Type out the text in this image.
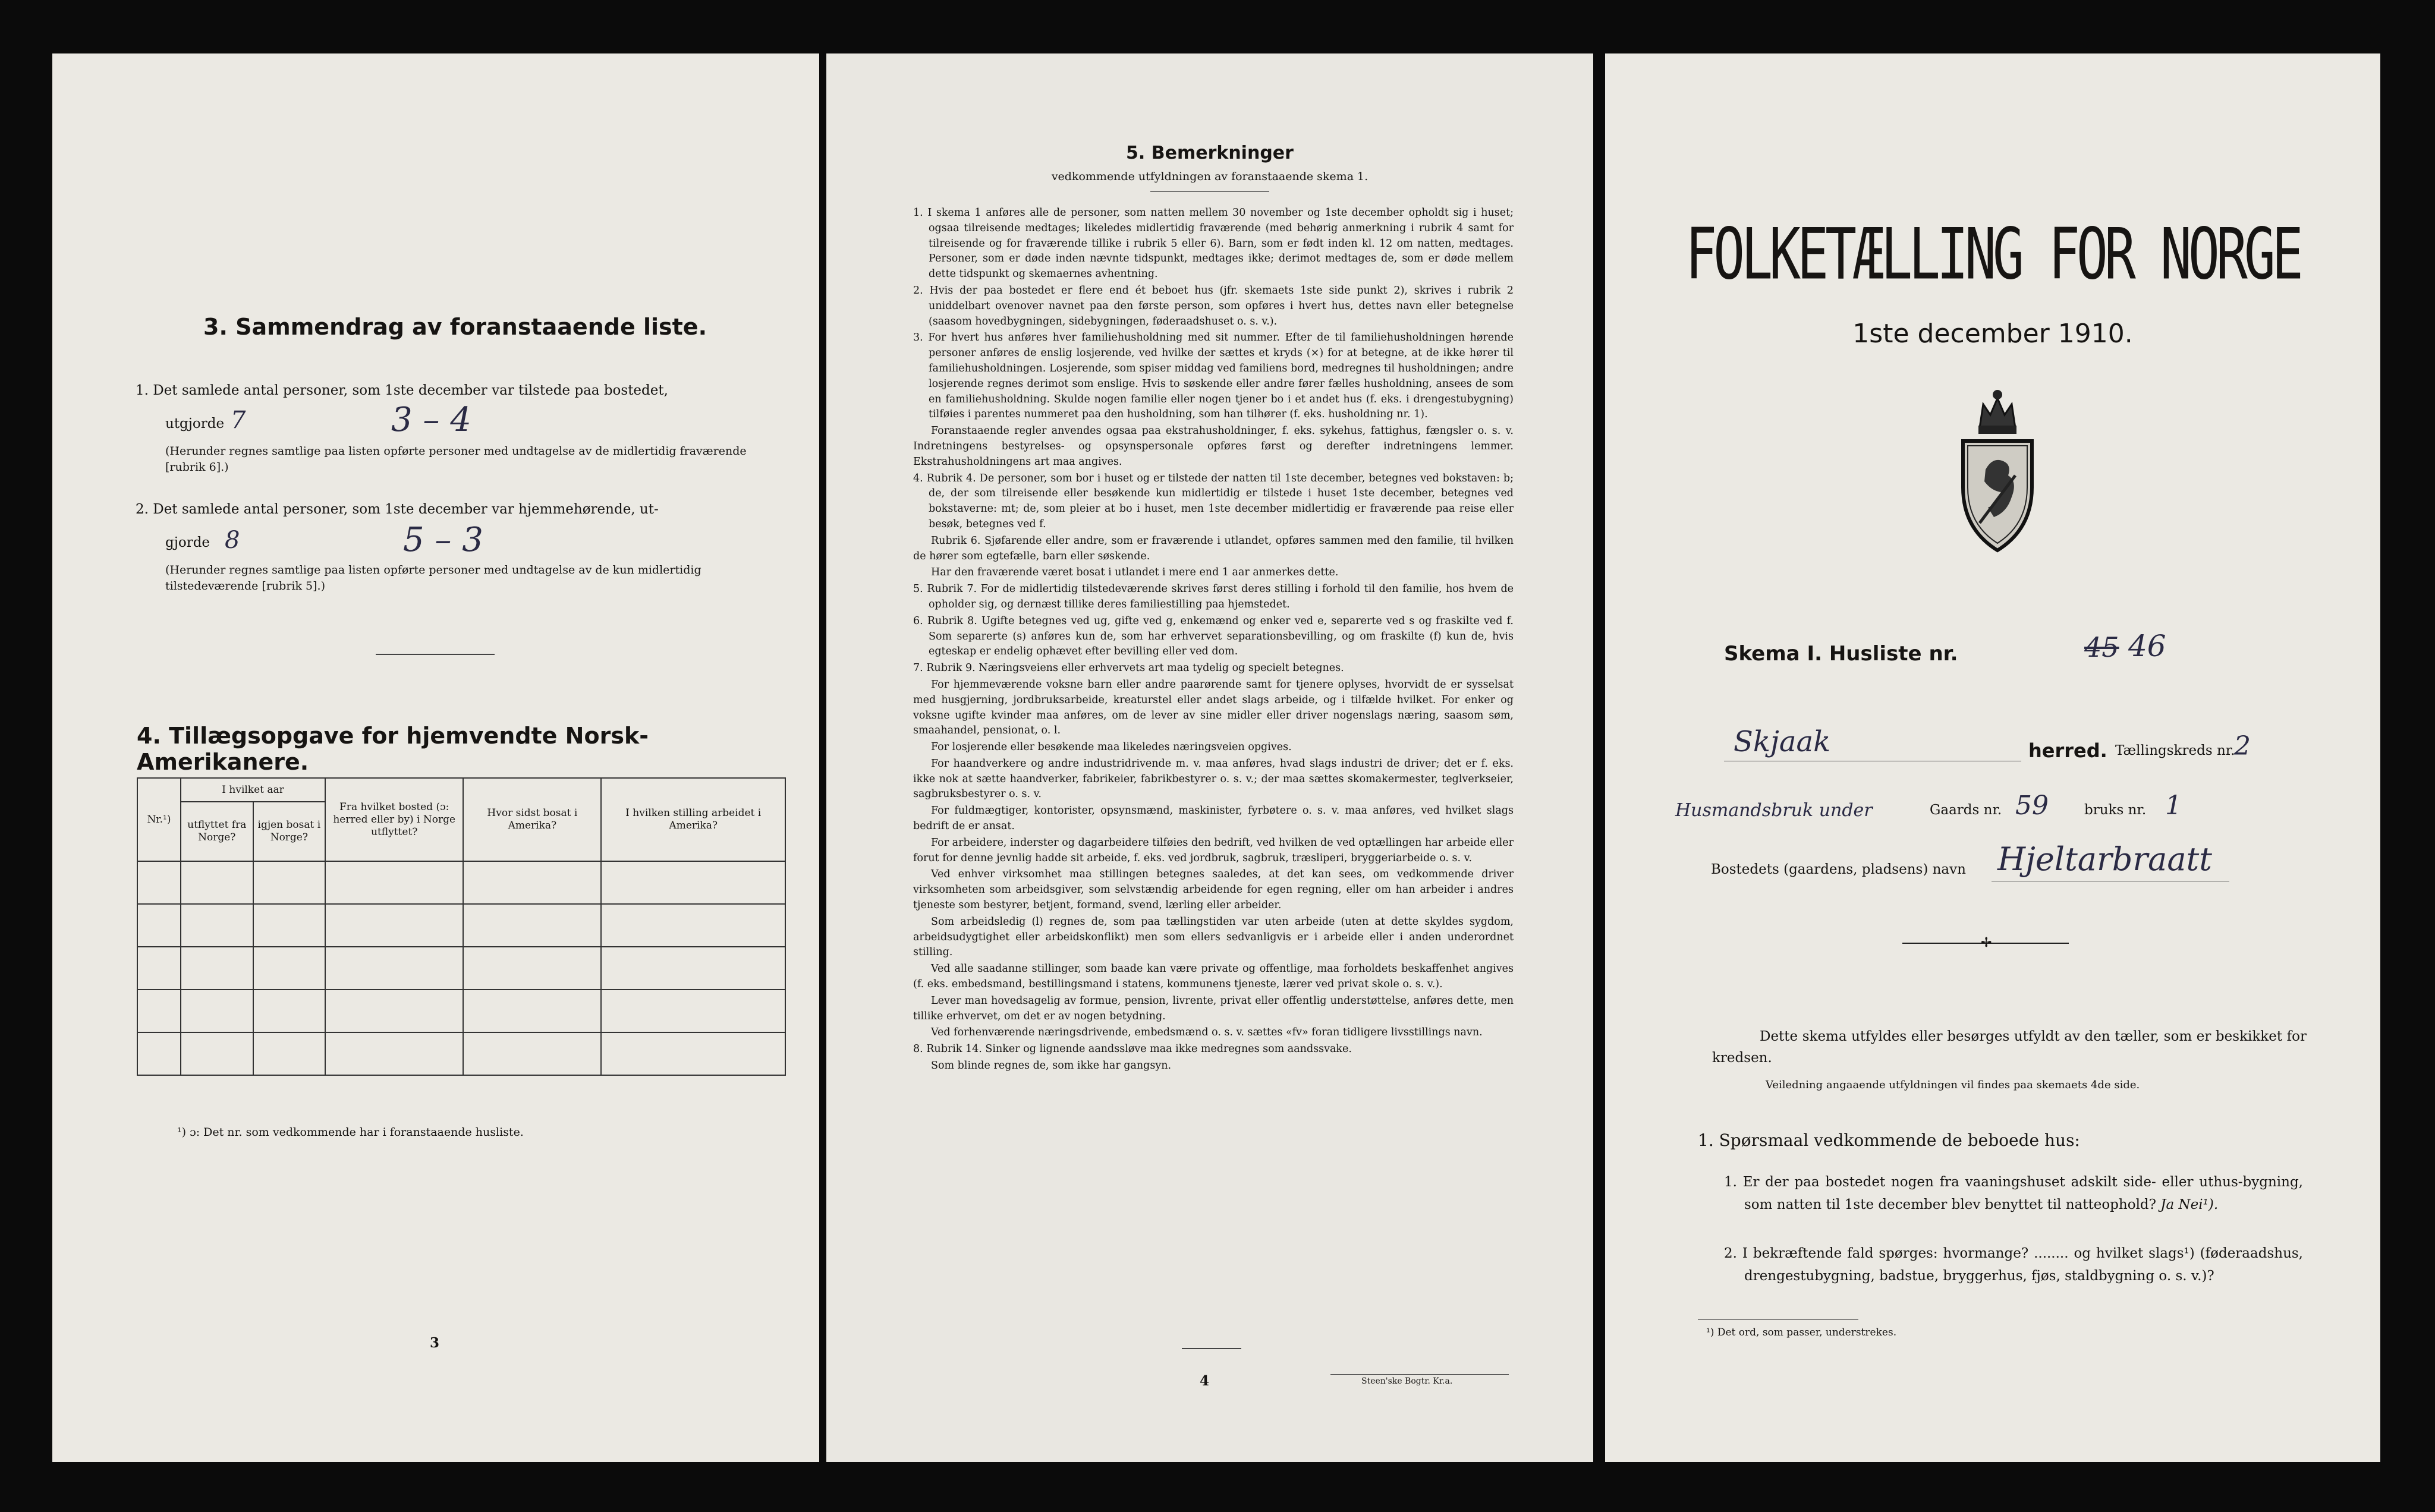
3. Sammendrag av foranstaaende liste.
1. Det samlede antal personer, som 1ste december var tilstede paa bostedet,
utgjorde 7	3 – 4
(Herunder regnes samtlige paa listen opførte personer med undtagelse av de midlertidig fraværende [rubrik 6].)
2. Det samlede antal personer, som 1ste december var hjemmehørende, ut-
gjorde 8	5 – 3
(Herunder regnes samtlige paa listen opførte personer med undtagelse av de kun midlertidig tilstedeværende [rubrik 5].)
4. Tillægsopgave for hjemvendte Norsk-Amerikanere.
Nr.¹)	I hvilket aar		Fra hvilket bosted (ɔ: herred eller by) i Norge utflyttet?	Hvor sidst bosat i Amerika?	I hvilken stilling arbeidet i Amerika?
	utflyttet fra Norge?	igjen bosat i Norge?			

¹) ɔ: Det nr. som vedkommende har i foranstaaende husliste.
3
5. Bemerkninger
vedkommende utfyldningen av foranstaaende skema 1.

1. I skema 1 anføres alle de personer, som natten mellem 30 november og 1ste december opholdt sig i huset; ogsaa tilreisende medtages; likeledes midlertidig fraværende (med behørig anmerkning i rubrik 4 samt for tilreisende og for fraværende tillike i rubrik 5 eller 6). Barn, som er født inden kl. 12 om natten, medtages. Personer, som er døde inden nævnte tidspunkt, medtages ikke; derimot medtages de, som er døde mellem dette tidspunkt og skemaernes avhentning.

2. Hvis der paa bostedet er flere end ét beboet hus (jfr. skemaets 1ste side punkt 2), skrives i rubrik 2 uniddelbart ovenover navnet paa den første person, som opføres i hvert hus, dettes navn eller betegnelse (saasom hovedbygningen, sidebygningen, føderaadshuset o. s. v.).

3. For hvert hus anføres hver familiehusholdning med sit nummer. Efter de til familiehusholdningen hørende personer anføres de enslig losjerende, ved hvilke der sættes et kryds (×) for at betegne, at de ikke hører til familiehusholdningen. Losjerende, som spiser middag ved familiens bord, medregnes til husholdningen; andre losjerende regnes derimot som enslige. Hvis to søskende eller andre fører fælles husholdning, ansees de som en familiehusholdning. Skulde nogen familie eller nogen tjener bo i et andet hus (f. eks. i drengestubygning) tilføies i parentes nummeret paa den husholdning, som han tilhører (f. eks. husholdning nr. 1).

Foranstaaende regler anvendes ogsaa paa ekstrahusholdninger, f. eks. sykehus, fattighus, fængsler o. s. v. Indretningens bestyrelses- og opsynspersonale opføres først og derefter indretningens lemmer. Ekstrahusholdningens art maa angives.

4. Rubrik 4. De personer, som bor i huset og er tilstede der natten til 1ste december, betegnes ved bokstaven: b; de, der som tilreisende eller besøkende kun midlertidig er tilstede i huset 1ste december, betegnes ved bokstaverne: mt; de, som pleier at bo i huset, men 1ste december midlertidig er fraværende paa reise eller besøk, betegnes ved f.

Rubrik 6. Sjøfarende eller andre, som er fraværende i utlandet, opføres sammen med den familie, til hvilken de hører som egtefælle, barn eller søskende.

Har den fraværende været bosat i utlandet i mere end 1 aar anmerkes dette.

5. Rubrik 7. For de midlertidig tilstedeværende skrives først deres stilling i forhold til den familie, hos hvem de opholder sig, og dernæst tillike deres familiestilling paa hjemstedet.

6. Rubrik 8. Ugifte betegnes ved ug, gifte ved g, enkemænd og enker ved e, separerte ved s og fraskilte ved f. Som separerte (s) anføres kun de, som har erhvervet separationsbevilling, og om fraskilte (f) kun de, hvis egteskap er endelig ophævet efter bevilling eller ved dom.

7. Rubrik 9. Næringsveiens eller erhvervets art maa tydelig og specielt betegnes.

For hjemmeværende voksne barn eller andre paarørende samt for tjenere oplyses, hvorvidt de er sysselsat med husgjerning, jordbruksarbeide, kreaturstel eller andet slags arbeide, og i tilfælde hvilket. For enker og voksne ugifte kvinder maa anføres, om de lever av sine midler eller driver nogenslags næring, saasom søm, smaahandel, pensionat, o. l.

For losjerende eller besøkende maa likeledes næringsveien opgives.

For haandverkere og andre industridrivende m. v. maa anføres, hvad slags industri de driver; det er f. eks. ikke nok at sætte haandverker, fabrikeier, fabrikbestyrer o. s. v.; der maa sættes skomakermester, teglverkseier, sagbruksbestyrer o. s. v.

For fuldmægtiger, kontorister, opsynsmænd, maskinister, fyrbøtere o. s. v. maa anføres, ved hvilket slags bedrift de er ansat.

For arbeidere, inderster og dagarbeidere tilføies den bedrift, ved hvilken de ved optællingen har arbeide eller forut for denne jevnlig hadde sit arbeide, f. eks. ved jordbruk, sagbruk, træsliperi, bryggeriarbeide o. s. v.

Ved enhver virksomhet maa stillingen betegnes saaledes, at det kan sees, om vedkommende driver virksomheten som arbeidsgiver, som selvstændig arbeidende for egen regning, eller om han arbeider i andres tjeneste som bestyrer, betjent, formand, svend, lærling eller arbeider.

Som arbeidsledig (l) regnes de, som paa tællingstiden var uten arbeide (uten at dette skyldes sygdom, arbeidsudygtighet eller arbeidskonflikt) men som ellers sedvanligvis er i arbeide eller i anden underordnet stilling.

Ved alle saadanne stillinger, som baade kan være private og offentlige, maa forholdets beskaffenhet angives (f. eks. embedsmand, bestillingsmand i statens, kommunens tjeneste, lærer ved privat skole o. s. v.).

Lever man hovedsagelig av formue, pension, livrente, privat eller offentlig understøttelse, anføres dette, men tillike erhvervet, om det er av nogen betydning.

Ved forhenværende næringsdrivende, embedsmænd o. s. v. sættes «fv» foran tidligere livsstillings navn.

8. Rubrik 14. Sinker og lignende aandssløve maa ikke medregnes som aandssvake.

Som blinde regnes de, som ikke har gangsyn.

4	Steen'ske Bogtr. Kr.a.
FOLKETÆLLING FOR NORGE
1ste december 1910.
Skema I. Husliste nr.	45 46
Skjaak	herred. Tællingskreds nr.
2
Husmandsbruk under	Gaards nr. 59	bruks nr. 1
Bostedets (gaardens, pladsens) navn Hjeltarbraatt
✢
Dette skema utfyldes eller besørges utfyldt av den tæller, som er beskikket for kredsen.
Veiledning angaaende utfyldningen vil findes paa skemaets 4de side.
1. Spørsmaal vedkommende de beboede hus:
1. Er der paa bostedet nogen fra vaaningshuset adskilt side- eller uthus-bygning, som natten til 1ste december blev benyttet til natteophold? Ja Nei¹).
2. I bekræftende fald spørges: hvormange? ........ og hvilket slags¹) (føderaadshus, drengestubygning, badstue, bryggerhus, fjøs, staldbygning o. s. v.)?
¹) Det ord, som passer, understrekes.
